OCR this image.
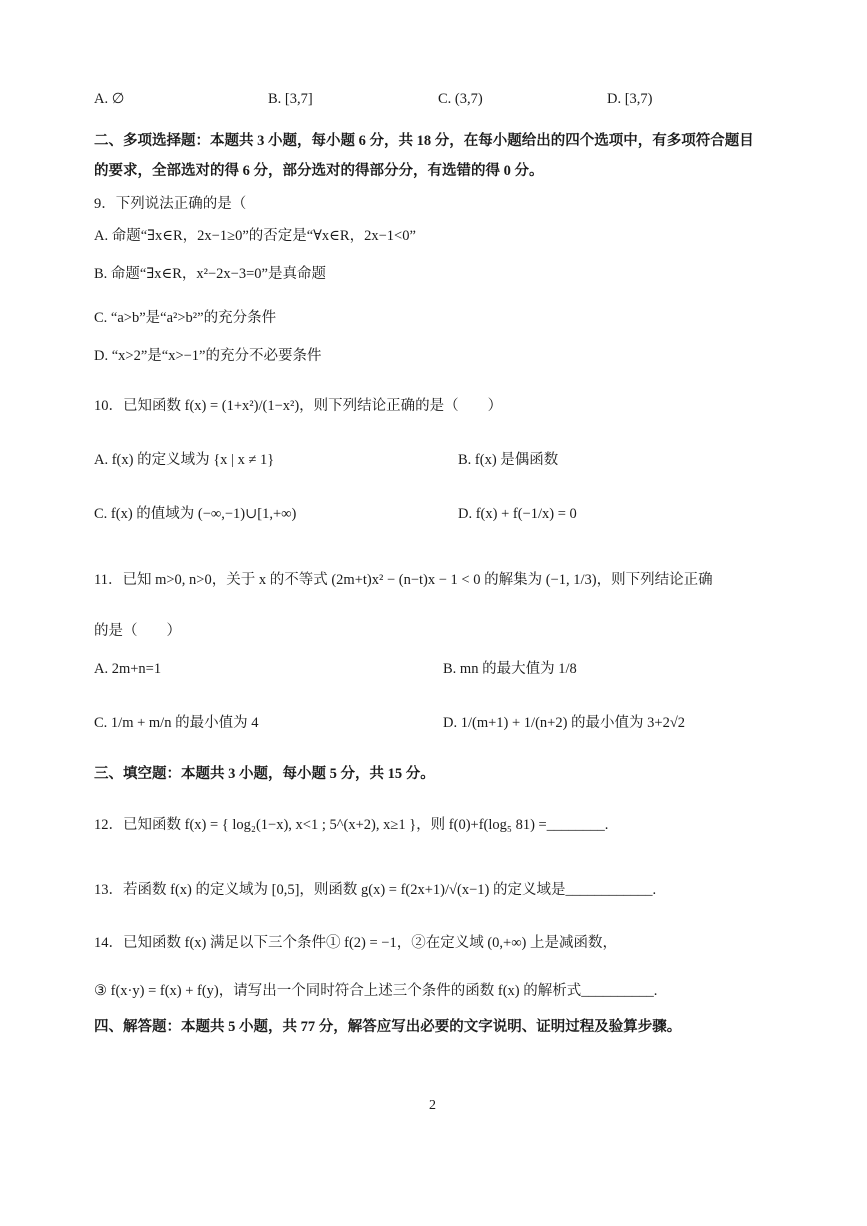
A. ∅	B. [3,7]	C. (3,7)	D. [3,7)
二、多项选择题：本题共 3 小题，每小题 6 分，共 18 分，在每小题给出的四个选项中，有多项符合题目
的要求，全部选对的得 6 分，部分选对的得部分分，有选错的得 0 分。
9．下列说法正确的是（
A. 命题“∃x∈R，2x−1≥0”的否定是“∀x∈R，2x−1<0”
B. 命题“∃x∈R，x²−2x−3=0”是真命题
C. “a>b”是“a²>b²”的充分条件
D. “x>2”是“x>−1”的充分不必要条件
10．已知函数 f(x) = (1+x²)/(1−x²)，则下列结论正确的是（　　）
A. f(x) 的定义域为 {x | x ≠ 1}	B. f(x) 是偶函数
C. f(x) 的值域为 (−∞,−1)∪[1,+∞)	D. f(x) + f(−1/x) = 0
11．已知 m>0, n>0，关于 x 的不等式 (2m+t)x² − (n−t)x − 1 < 0 的解集为 (−1, 1/3)，则下列结论正确
的是（　　）
A. 2m+n=1	B. mn 的最大值为 1/8
C. 1/m + m/n 的最小值为 4	D. 1/(m+1) + 1/(n+2) 的最小值为 3+2√2
三、填空题：本题共 3 小题，每小题 5 分，共 15 分。
12．已知函数 f(x) = { log₂(1−x), x<1 ; 5^(x+2), x≥1 }，则 f(0)+f(log₅ 81) =________.
13．若函数 f(x) 的定义域为 [0,5]，则函数 g(x) = f(2x+1)/√(x−1) 的定义域是____________.
14．已知函数 f(x) 满足以下三个条件① f(2) = −1，②在定义域 (0,+∞) 上是减函数，
③ f(x·y) = f(x) + f(y)，请写出一个同时符合上述三个条件的函数 f(x) 的解析式__________.
四、解答题：本题共 5 小题，共 77 分，解答应写出必要的文字说明、证明过程及验算步骤。
2
